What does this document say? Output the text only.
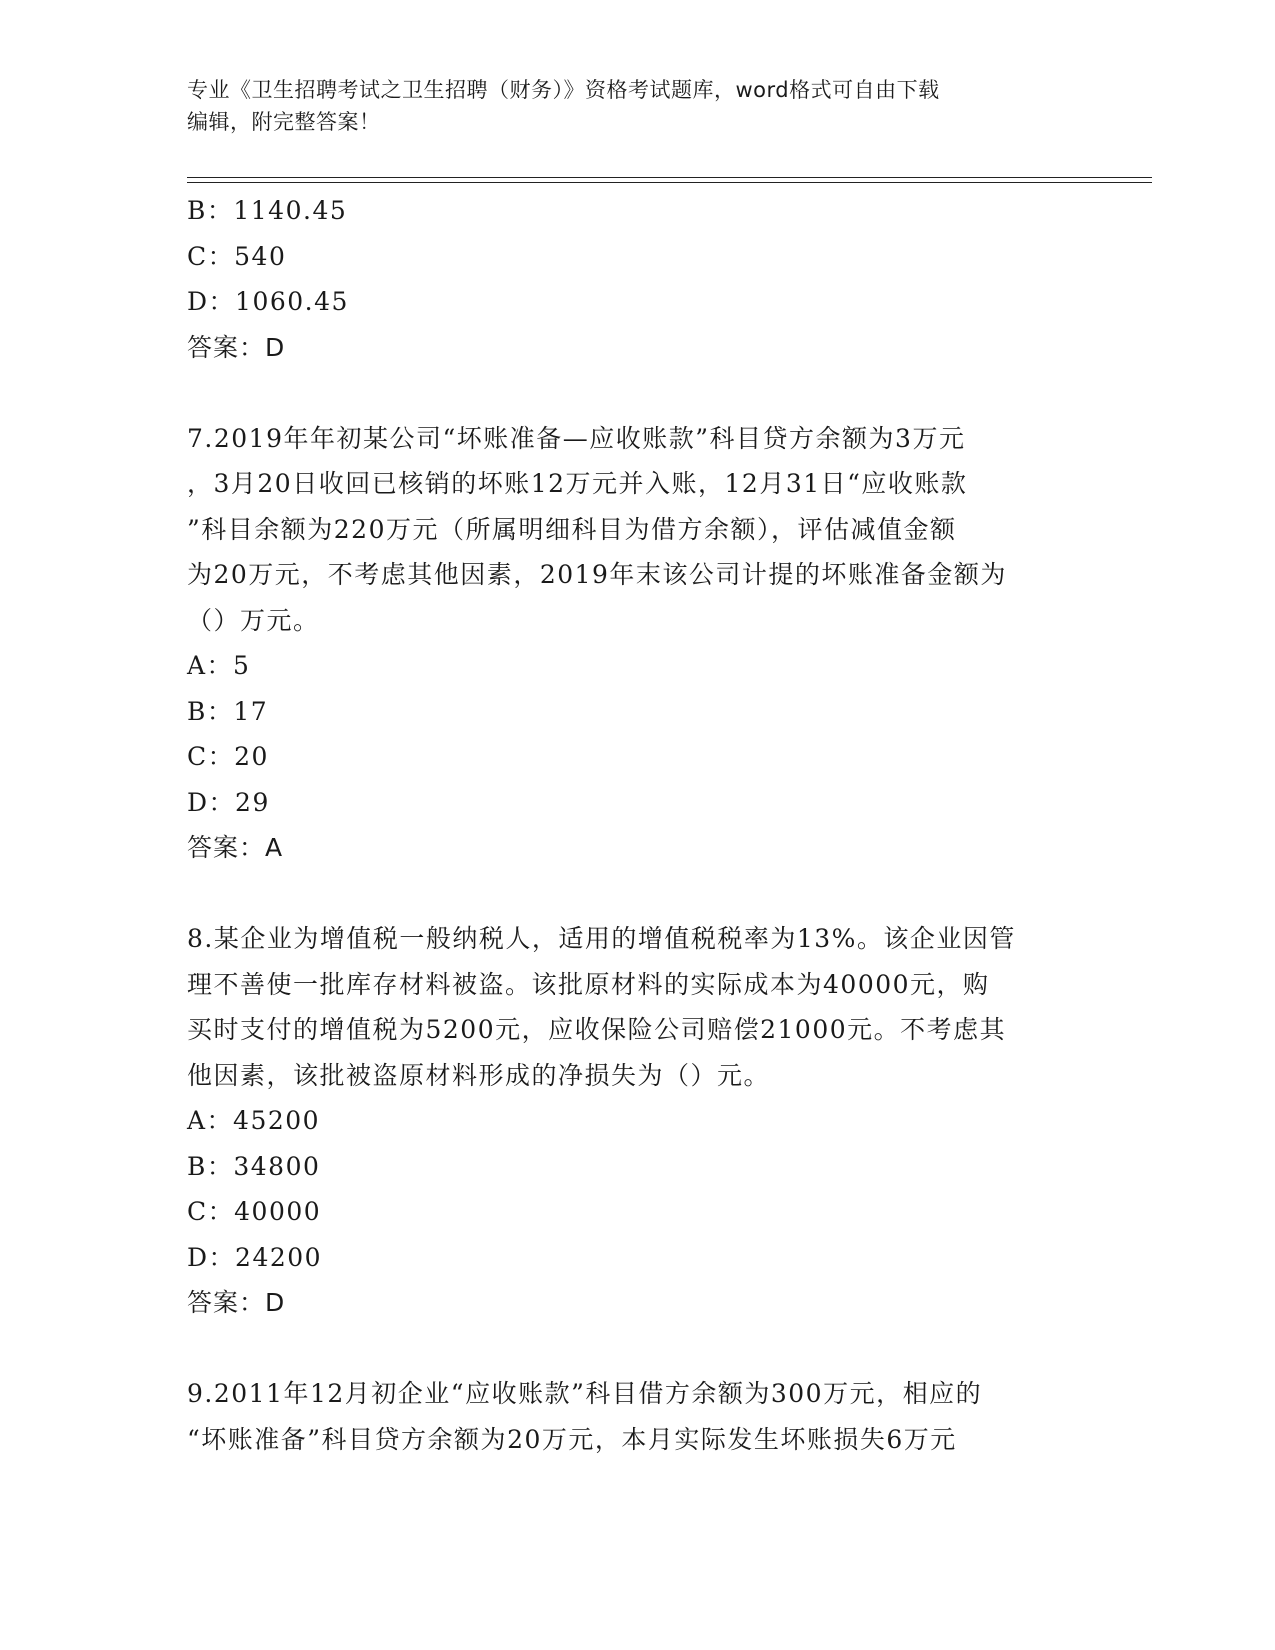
专业《卫生招聘考试之卫生招聘（财务）》资格考试题库，word格式可自由下载
编辑，附完整答案！
B：1140.45
C：540
D：1060.45
答案：D
7.2019年年初某公司“坏账准备—应收账款”科目贷方余额为3万元
，3月20日收回已核销的坏账12万元并入账，12月31日“应收账款
”科目余额为220万元（所属明细科目为借方余额），评估减值金额
为20万元，不考虑其他因素，2019年末该公司计提的坏账准备金额为
（）万元。
A：5
B：17
C：20
D：29
答案：A
8.某企业为增值税一般纳税人，适用的增值税税率为13%。该企业因管
理不善使一批库存材料被盗。该批原材料的实际成本为40000元，购
买时支付的增值税为5200元，应收保险公司赔偿21000元。不考虑其
他因素，该批被盗原材料形成的净损失为（）元。
A：45200
B：34800
C：40000
D：24200
答案：D
9.2011年12月初企业“应收账款”科目借方余额为300万元，相应的
“坏账准备”科目贷方余额为20万元，本月实际发生坏账损失6万元
